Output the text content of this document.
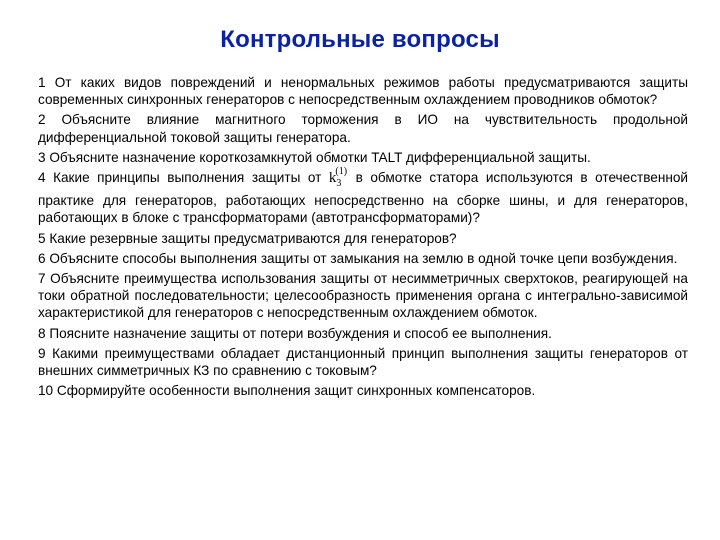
Контрольные вопросы

1 От каких видов повреждений и ненормальных режимов работы предусматриваются защиты современных синхронных генераторов с непосредственным охлаждением проводников обмоток?

2 Объясните влияние магнитного торможения в ИО на чувствительность продольной дифференциальной токовой защиты генератора.

3 Объясните назначение короткозамкнутой обмотки TALT дифференциальной защиты.

4 Какие принципы выполнения защиты от $k_3^{(1)}$ в обмотке статора используются в отечественной практике для генераторов, работающих непосредственно на сборке шины, и для генераторов, работающих в блоке с трансформаторами (автотрансформаторами)?

5 Какие резервные защиты предусматриваются для генераторов?

6 Объясните способы выполнения защиты от замыкания на землю в одной точке цепи возбуждения.

7 Объясните преимущества использования защиты от несимметричных сверхтоков, реагирующей на токи обратной последовательности; целесообразность применения органа с интегрально-зависимой характеристикой для генераторов с непосредственным охлаждением обмоток.

8 Поясните назначение защиты от потери возбуждения и способ ее выполнения.

9 Какими преимуществами обладает дистанционный принцип выполнения защиты генераторов от внешних симметричных КЗ по сравнению с токовым?

10 Сформируйте особенности выполнения защит синхронных компенсаторов.
